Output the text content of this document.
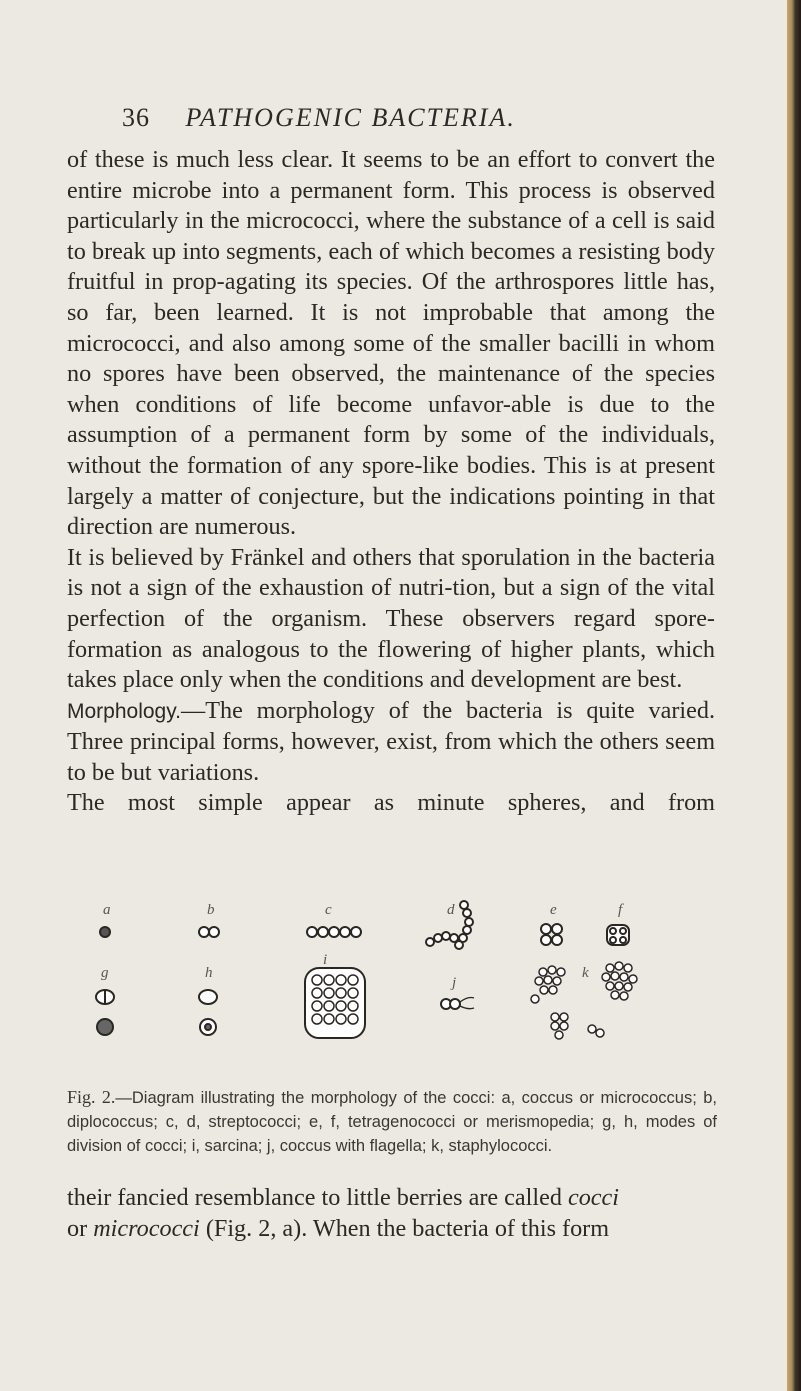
36 PATHOGENIC BACTERIA.

of these is much less clear. It seems to be an effort to convert the entire microbe into a permanent form. This process is observed particularly in the micrococci, where the substance of a cell is said to break up into segments, each of which becomes a resisting body fruitful in prop-agating its species. Of the arthrospores little has, so far, been learned. It is not improbable that among the micrococci, and also among some of the smaller bacilli in whom no spores have been observed, the maintenance of the species when conditions of life become unfavor-able is due to the assumption of a permanent form by some of the individuals, without the formation of any spore-like bodies. This is at present largely a matter of conjecture, but the indications pointing in that direction are numerous.

It is believed by Fränkel and others that sporulation in the bacteria is not a sign of the exhaustion of nutri-tion, but a sign of the vital perfection of the organism. These observers regard spore-formation as analogous to the flowering of higher plants, which takes place only when the conditions and development are best.

Morphology.—The morphology of the bacteria is quite varied. Three principal forms, however, exist, from which the others seem to be but variations.

The most simple appear as minute spheres, and from

a	b	c	d	e	f
g	h
i
j
k
Fig. 2.—Diagram illustrating the morphology of the cocci: a, coccus or micrococcus; b, diplococcus; c, d, streptococci; e, f, tetragenococci or merismopedia; g, h, modes of division of cocci; i, sarcina; j, coccus with flagella; k, staphylococci.

their fancied resemblance to little berries are called cocci

or micrococci (Fig. 2, a). When the bacteria of this form
